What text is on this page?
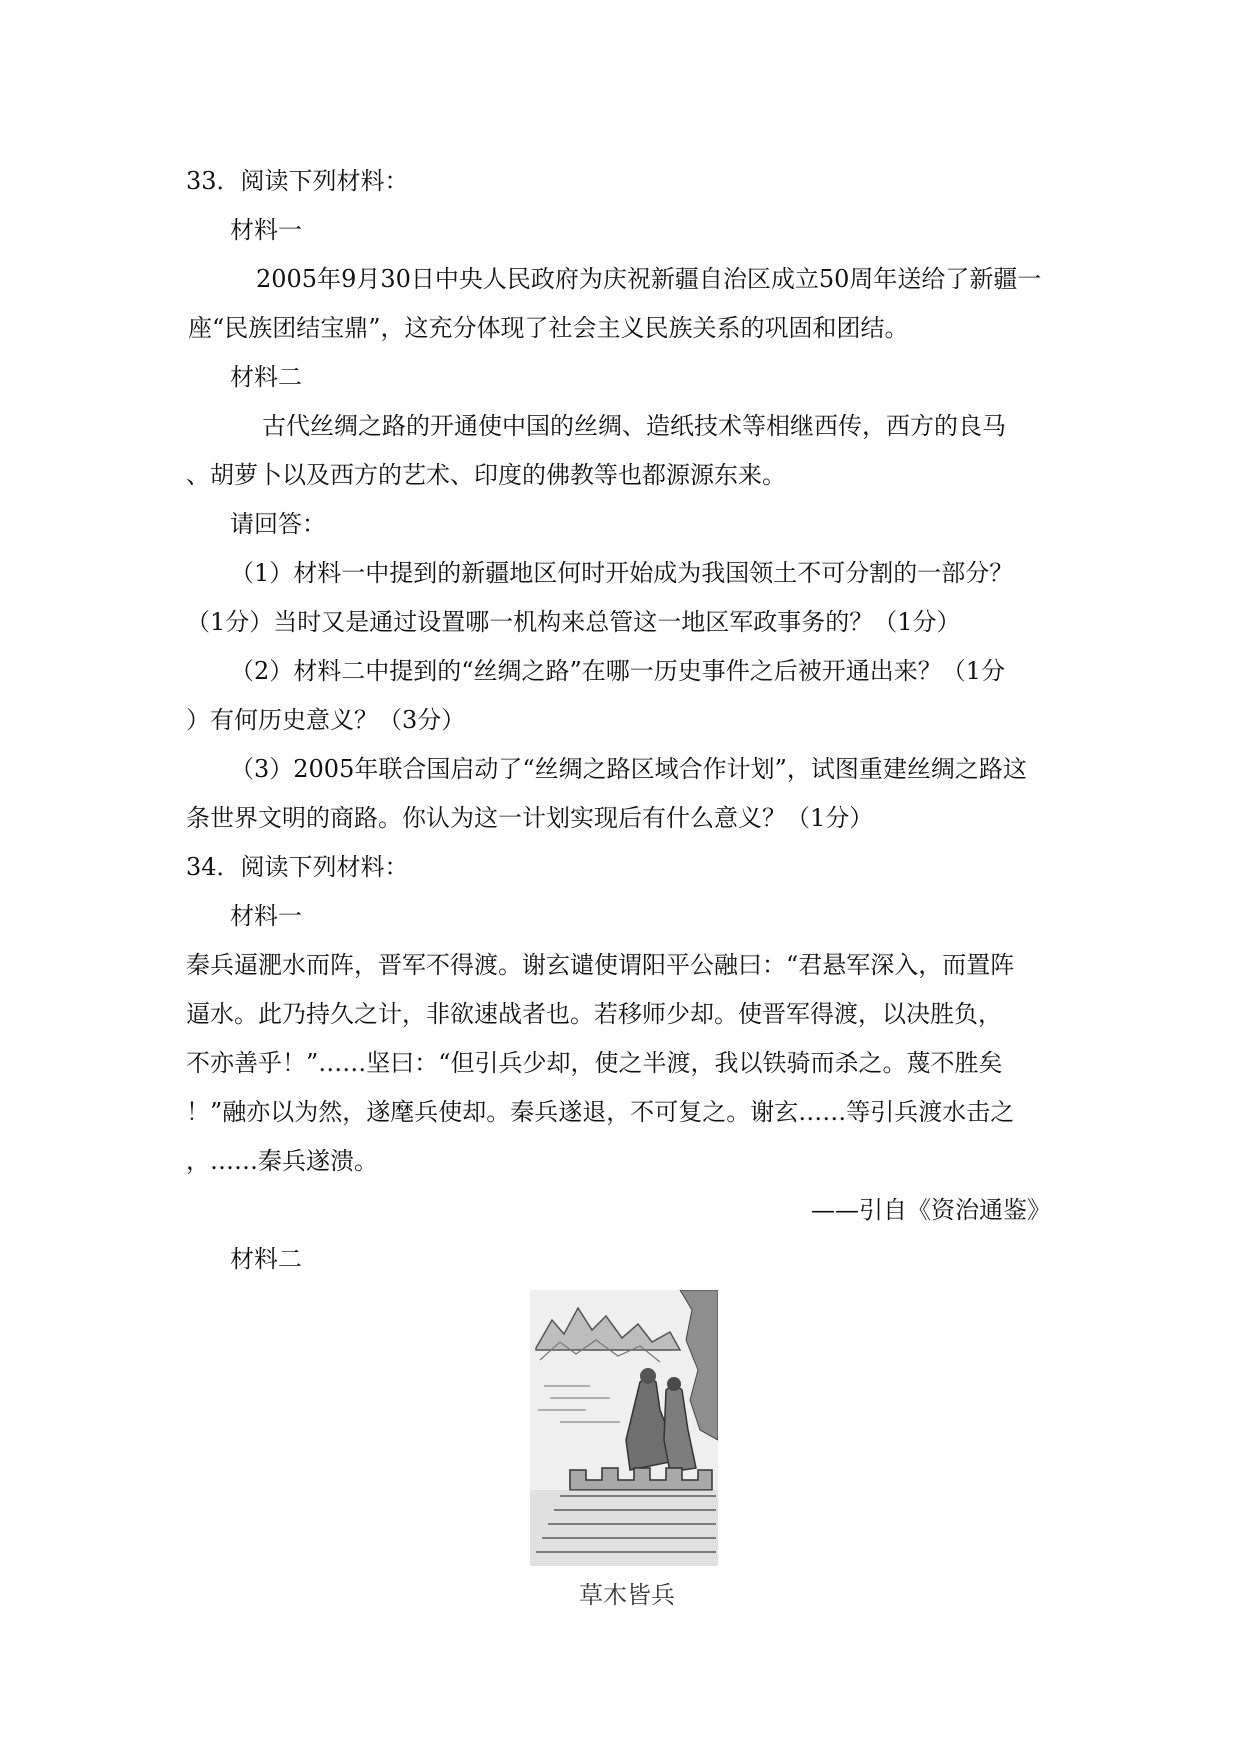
33．阅读下列材料：
材料一
2005年9月30日中央人民政府为庆祝新疆自治区成立50周年送给了新疆一
座“民族团结宝鼎”，这充分体现了社会主义民族关系的巩固和团结。
材料二
古代丝绸之路的开通使中国的丝绸、造纸技术等相继西传，西方的良马
、胡萝卜以及西方的艺术、印度的佛教等也都源源东来。
请回答：
（1）材料一中提到的新疆地区何时开始成为我国领土不可分割的一部分？
（1分）当时又是通过设置哪一机构来总管这一地区军政事务的？（1分）
（2）材料二中提到的“丝绸之路”在哪一历史事件之后被开通出来？（1分
）有何历史意义？（3分）
（3）2005年联合国启动了“丝绸之路区域合作计划”，试图重建丝绸之路这
条世界文明的商路。你认为这一计划实现后有什么意义？（1分）
34．阅读下列材料：
材料一
秦兵逼淝水而阵，晋军不得渡。谢玄谴使谓阳平公融曰：“君悬军深入，而置阵
逼水。此乃持久之计，非欲速战者也。若移师少却。使晋军得渡，以决胜负，
不亦善乎！”……坚曰：“但引兵少却，使之半渡，我以铁骑而杀之。蔑不胜矣
！”融亦以为然，遂麾兵使却。秦兵遂退，不可复之。谢玄……等引兵渡水击之
，……秦兵遂溃。
——引自《资治通鉴》
材料二
草木皆兵
